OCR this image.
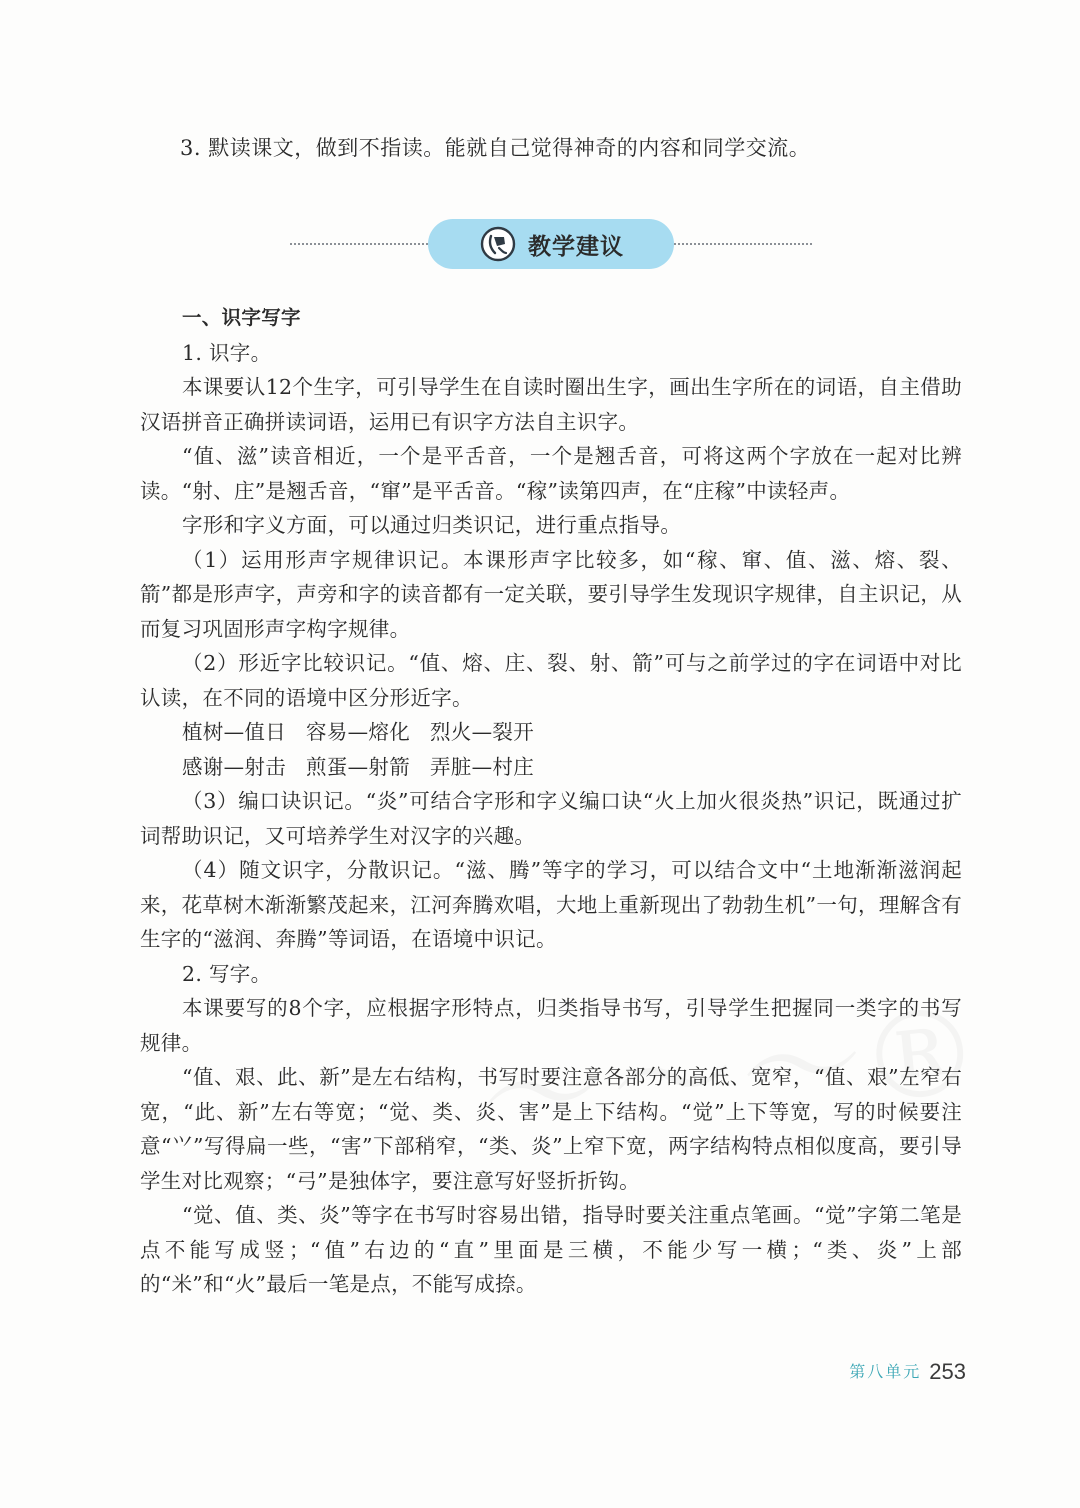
3. 默读课文，做到不指读。能就自己觉得神奇的内容和同学交流。
教学建议

一、识字写字

1. 识字。

本课要认12个生字，可引导学生在自读时圈出生字，画出生字所在的词语，自主借助汉语拼音正确拼读词语，运用已有识字方法自主识字。

“值、滋”读音相近，一个是平舌音，一个是翘舌音，可将这两个字放在一起对比辨读。“射、庄”是翘舌音，“窜”是平舌音。“稼”读第四声，在“庄稼”中读轻声。

字形和字义方面，可以通过归类识记，进行重点指导。

（1）运用形声字规律识记。本课形声字比较多，如“稼、窜、值、滋、熔、裂、箭”都是形声字，声旁和字的读音都有一定关联，要引导学生发现识字规律，自主识记，从而复习巩固形声字构字规律。

（2）形近字比较识记。“值、熔、庄、裂、射、箭”可与之前学过的字在词语中对比认读，在不同的语境中区分形近字。

植树—值日 容易—熔化 烈火—裂开

感谢—射击 煎蛋—射箭 弄脏—村庄

（3）编口诀识记。“炎”可结合字形和字义编口诀“火上加火很炎热”识记，既通过扩词帮助识记，又可培养学生对汉字的兴趣。

（4）随文识字，分散识记。“滋、腾”等字的学习，可以结合文中“土地渐渐滋润起来，花草树木渐渐繁茂起来，江河奔腾欢唱，大地上重新现出了勃勃生机”一句，理解含有生字的“滋润、奔腾”等词语，在语境中识记。

2. 写字。

本课要写的8个字，应根据字形特点，归类指导书写，引导学生把握同一类字的书写规律。

“值、艰、此、新”是左右结构，书写时要注意各部分的高低、宽窄，“值、艰”左窄右宽，“此、新”左右等宽；“觉、类、炎、害”是上下结构。“觉”上下等宽，写的时候要注意“⺍”写得扁一些，“害”下部稍窄，“类、炎”上窄下宽，两字结构特点相似度高，要引导学生对比观察；“弓”是独体字，要注意写好竖折折钩。

“觉、值、类、炎”等字在书写时容易出错，指导时要关注重点笔画。“觉”字第二笔是点不能写成竖；“值”右边的“直”里面是三横，不能少写一横；“类、炎”上部的“米”和“火”最后一笔是点，不能写成捺。

第八单元 253
